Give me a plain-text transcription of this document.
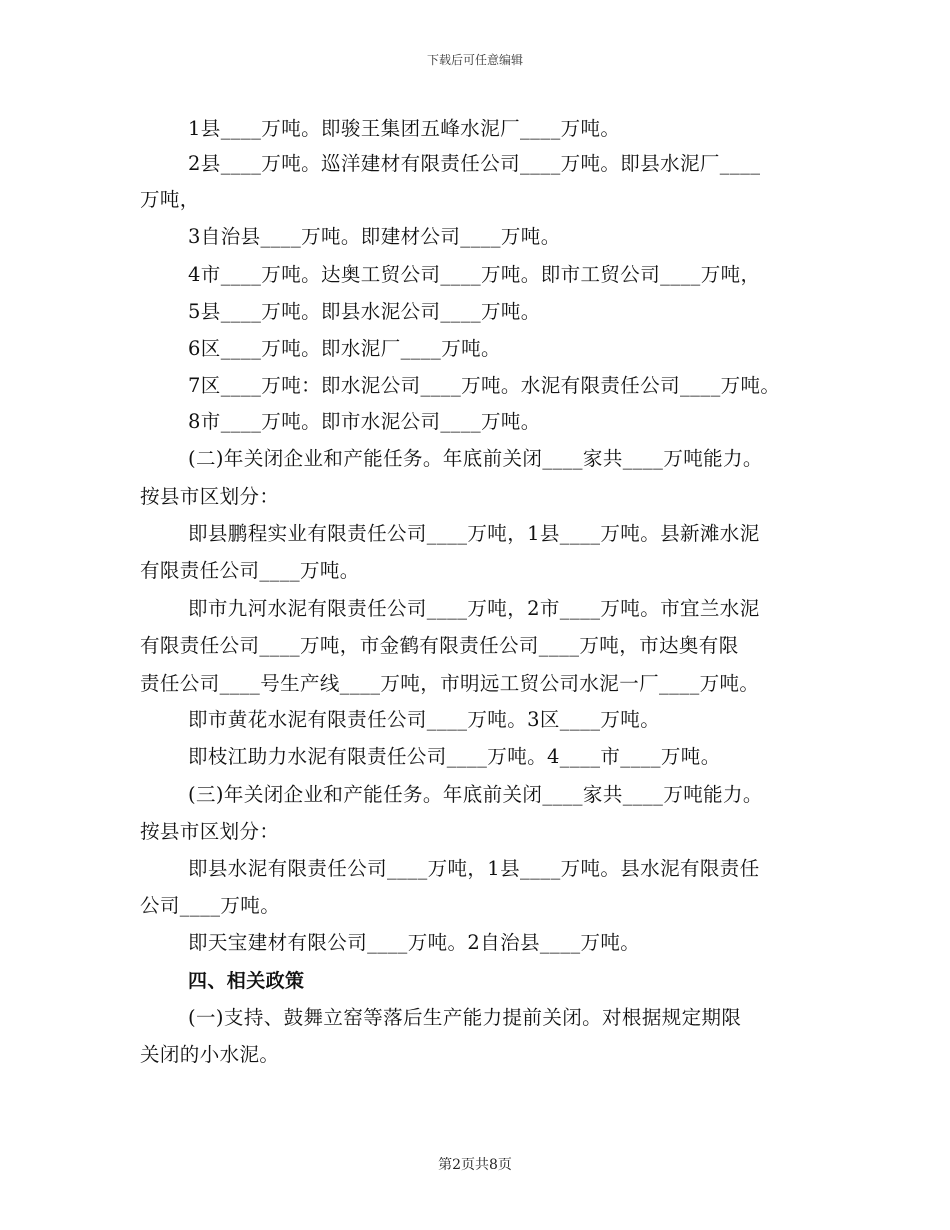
下载后可任意编辑
1县____万吨。即骏王集团五峰水泥厂____万吨。
2县____万吨。巡洋建材有限责任公司____万吨。即县水泥厂____
万吨，
3自治县____万吨。即建材公司____万吨。
4市____万吨。达奥工贸公司____万吨。即市工贸公司____万吨，
5县____万吨。即县水泥公司____万吨。
6区____万吨。即水泥厂____万吨。
7区____万吨：即水泥公司____万吨。水泥有限责任公司____万吨。
8市____万吨。即市水泥公司____万吨。
(二)年关闭企业和产能任务。年底前关闭____家共____万吨能力。
按县市区划分：
即县鹏程实业有限责任公司____万吨，1县____万吨。县新滩水泥
有限责任公司____万吨。
即市九河水泥有限责任公司____万吨，2市____万吨。市宜兰水泥
有限责任公司____万吨，市金鹤有限责任公司____万吨，市达奥有限
责任公司____号生产线____万吨，市明远工贸公司水泥一厂____万吨。
即市黄花水泥有限责任公司____万吨。3区____万吨。
即枝江助力水泥有限责任公司____万吨。4____市____万吨。
(三)年关闭企业和产能任务。年底前关闭____家共____万吨能力。
按县市区划分：
即县水泥有限责任公司____万吨，1县____万吨。县水泥有限责任
公司____万吨。
即天宝建材有限公司____万吨。2自治县____万吨。
四、相关政策
(一)支持、鼓舞立窑等落后生产能力提前关闭。对根据规定期限
关闭的小水泥。
第2页共8页
